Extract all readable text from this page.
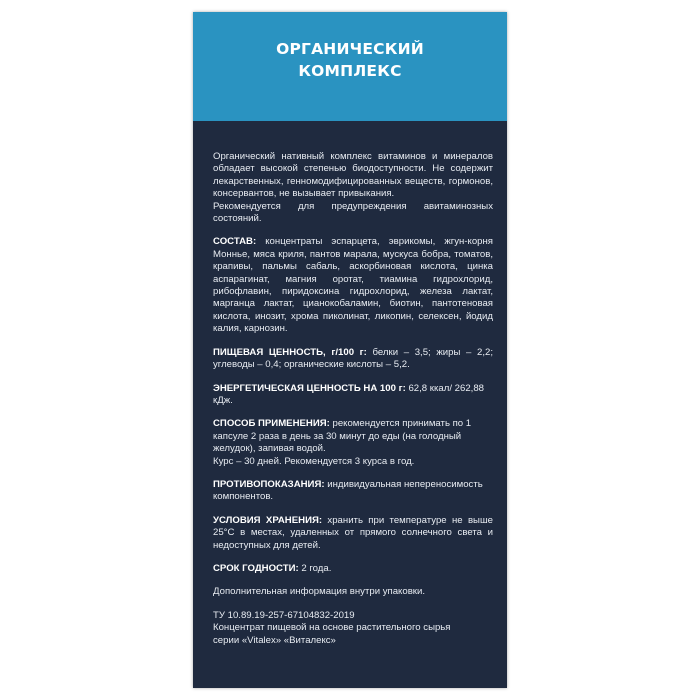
ОРГАНИЧЕСКИЙ
КОМПЛЕКС

Органический нативный комплекс витаминов и минералов обладает высокой степенью биодоступности. Не содержит лекарственных, генномодифицированных веществ, гормонов, консервантов, не вызывает привыкания.

Рекомендуется для предупреждения авитаминозных состояний.

СОСТАВ: концентраты эспарцета, эврикомы, жгун-корня Моннье, мяса криля, пантов марала, мускуса бобра, томатов, крапивы, пальмы сабаль, аскорбиновая кислота, цинка аспарагинат, магния оротат, тиамина гидрохлорид, рибофлавин, пиридоксина гидрохлорид, железа лактат, марганца лактат, цианокобаламин, биотин, пантотеновая кислота, инозит, хрома пиколинат, ликопин, селексен, йодид калия, карнозин.

ПИЩЕВАЯ ЦЕННОСТЬ, г/100 г: белки – 3,5; жиры – 2,2; углеводы – 0,4; органические кислоты – 5,2.

ЭНЕРГЕТИЧЕСКАЯ ЦЕННОСТЬ НА 100 г: 62,8 ккал/ 262,88 кДж.

СПОСОБ ПРИМЕНЕНИЯ: рекомендуется принимать по 1 капсуле 2 раза в день за 30 минут до еды (на голодный желудок), запивая водой.

Курс – 30 дней. Рекомендуется 3 курса в год.

ПРОТИВОПОКАЗАНИЯ: индивидуальная непереносимость компонентов.

УСЛОВИЯ ХРАНЕНИЯ: хранить при температуре не выше 25°С в местах, удаленных от прямого солнечного света и недоступных для детей.

СРОК ГОДНОСТИ: 2 года.

Дополнительная информация внутри упаковки.

ТУ 10.89.19-257-67104832-2019
Концентрат пищевой на основе растительного сырья
серии «Vitalex» «Виталекс»
